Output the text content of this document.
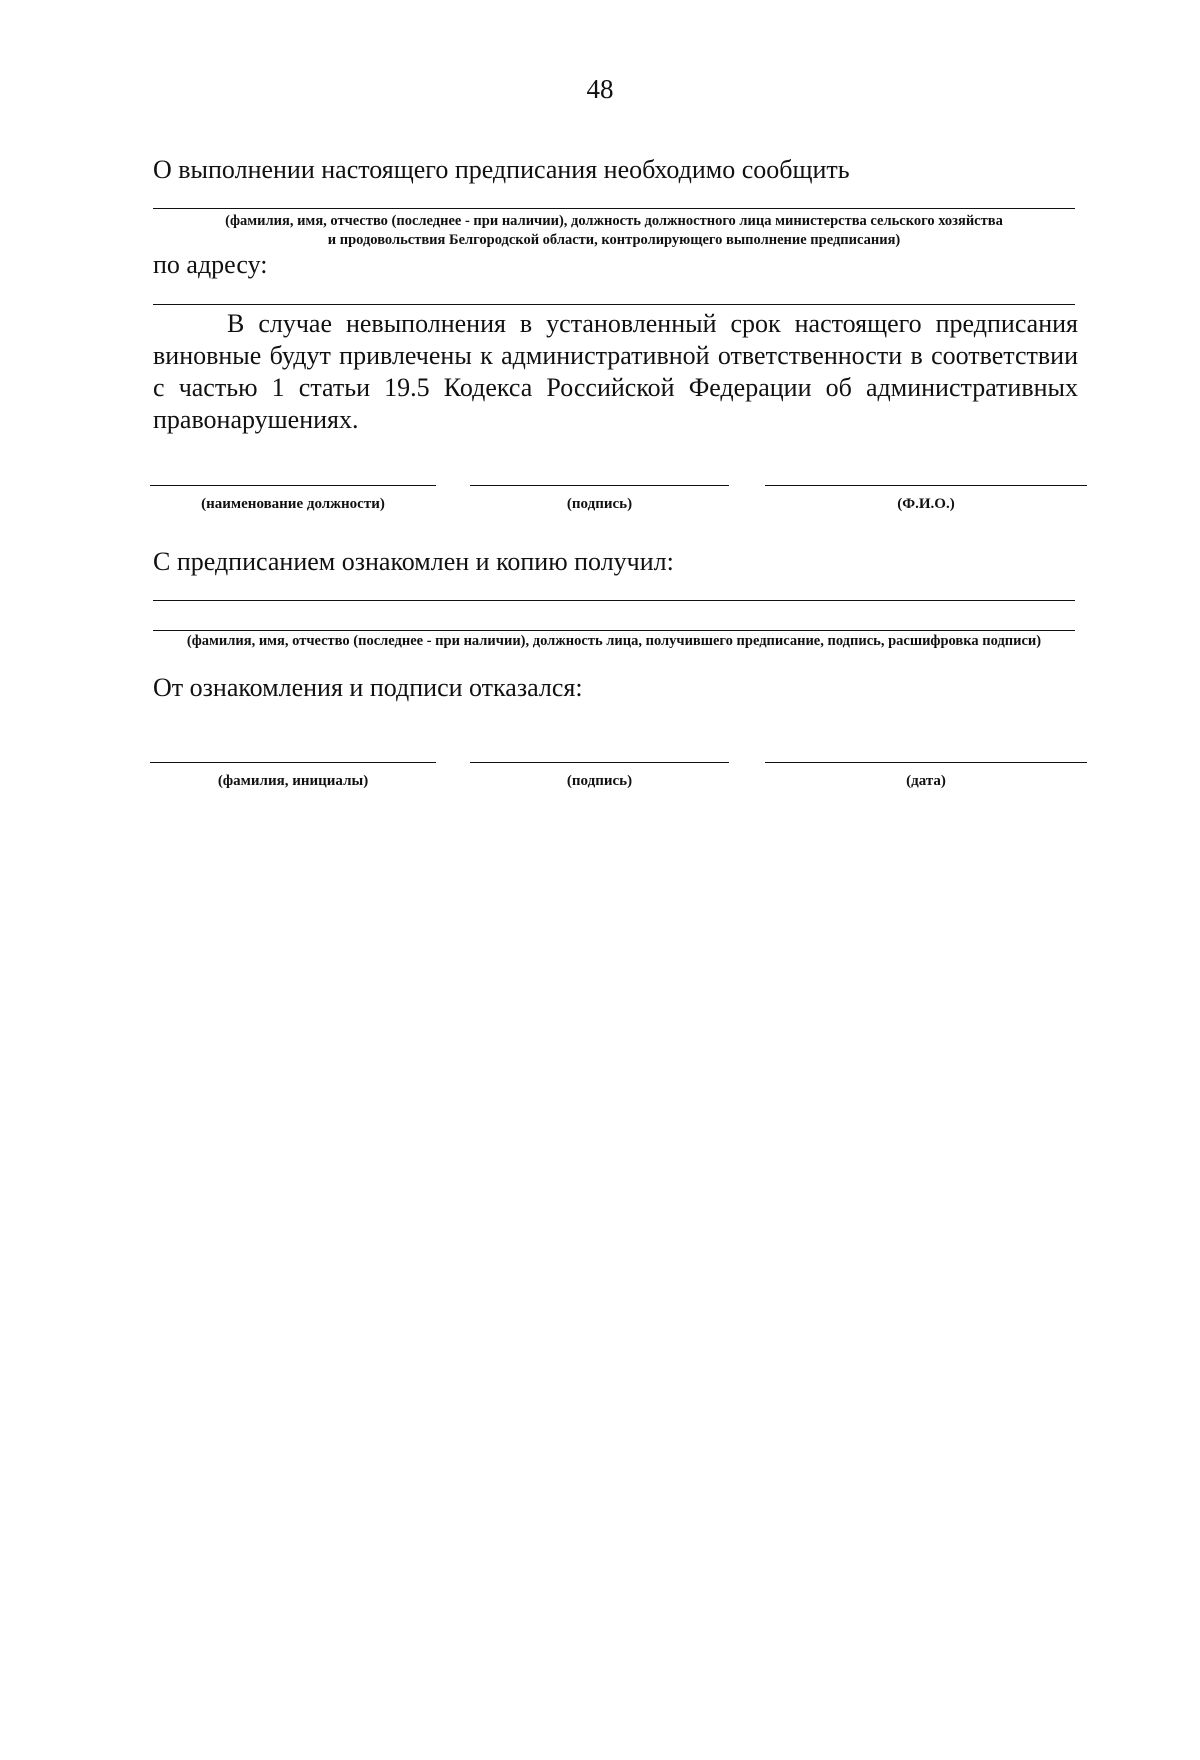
48
О выполнении настоящего предписания необходимо сообщить
(фамилия, имя, отчество (последнее - при наличии), должность должностного лица министерства сельского хозяйства
и продовольствия Белгородской области, контролирующего выполнение предписания)
по адресу:
В случае невыполнения в установленный срок настоящего предписания
виновные будут привлечены к административной ответственности в соответствии
с частью 1 статьи 19.5 Кодекса Российской Федерации об административных
правонарушениях.
(наименование должности)	(подпись)	(Ф.И.О.)
С предписанием ознакомлен и копию получил:
(фамилия, имя, отчество (последнее - при наличии), должность лица, получившего предписание, подпись, расшифровка подписи)
От ознакомления и подписи отказался:
(фамилия, инициалы)	(подпись)	(дата)
